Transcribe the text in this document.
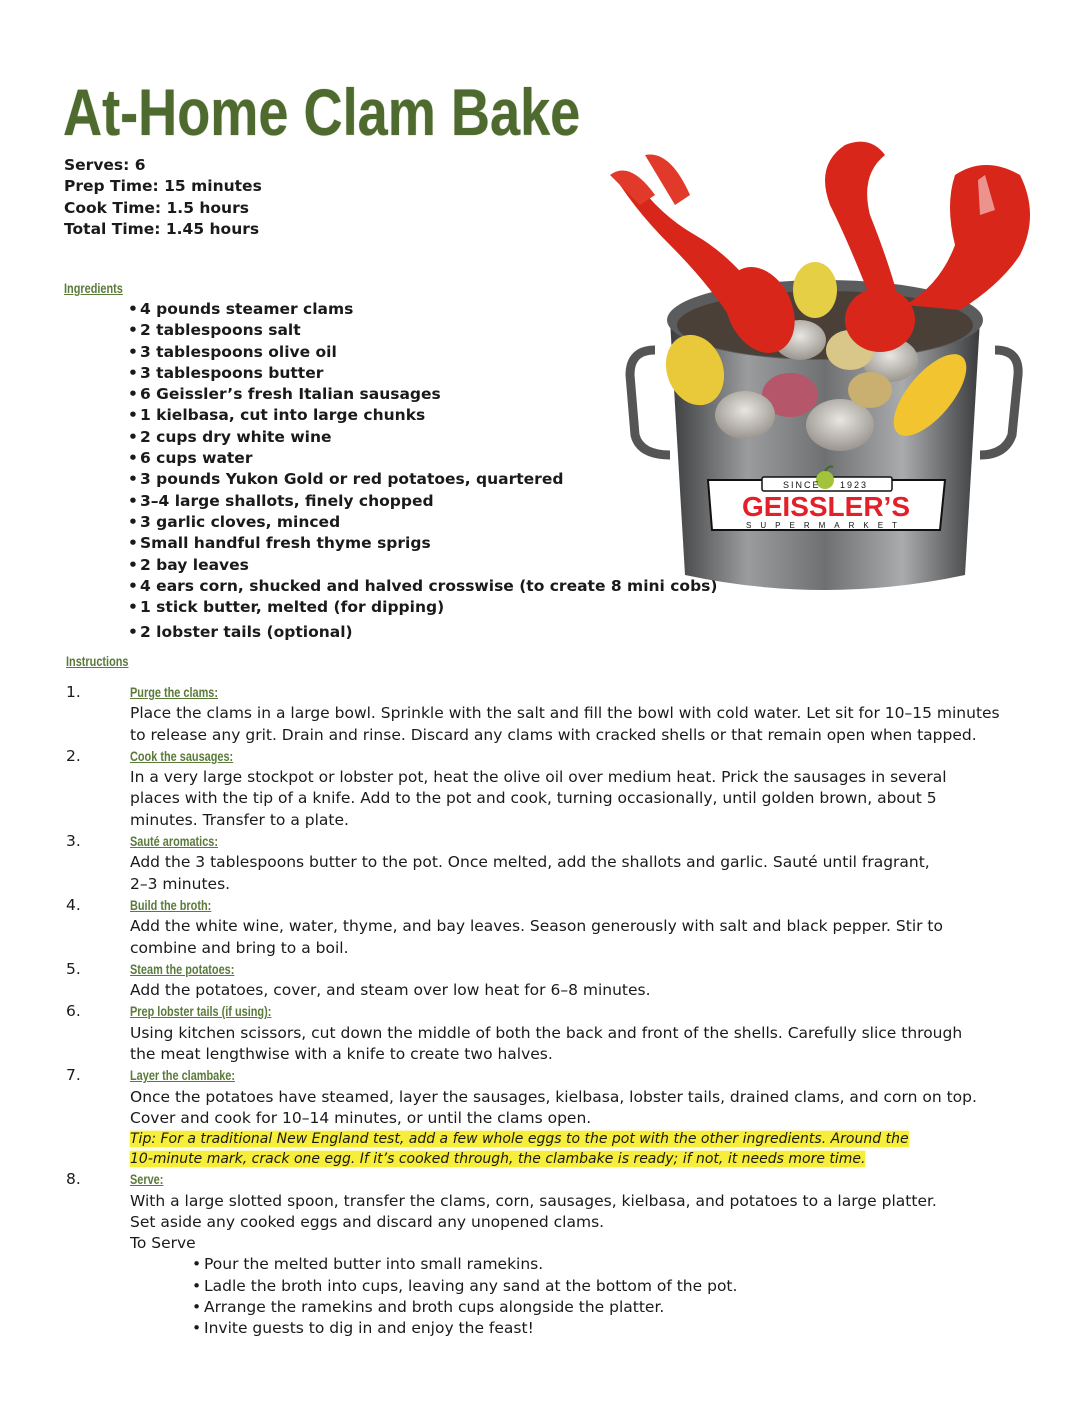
At-Home Clam Bake
Serves: 6
Prep Time: 15 minutes
Cook Time: 1.5 hours
Total Time: 1.45 hours
Ingredients
• 4 pounds steamer clams
• 2 tablespoons salt
• 3 tablespoons olive oil
• 3 tablespoons butter
• 6 Geissler’s fresh Italian sausages
• 1 kielbasa, cut into large chunks
• 2 cups dry white wine
• 6 cups water
• 3 pounds Yukon Gold or red potatoes, quartered
• 3–4 large shallots, finely chopped
• 3 garlic cloves, minced
• Small handful fresh thyme sprigs
• 2 bay leaves
• 4 ears corn, shucked and halved crosswise (to create 8 mini cobs)
• 1 stick butter, melted (for dipping)
• 2 lobster tails (optional)
SINCE 1923
GEISSLER’S
SUPERMARKET
Instructions
1.	Purge the clams:

Place the clams in a large bowl. Sprinkle with the salt and fill the bowl with cold water. Let sit for 10–15 minutes

to release any grit. Drain and rinse. Discard any clams with cracked shells or that remain open when tapped.

2.	Cook the sausages:

In a very large stockpot or lobster pot, heat the olive oil over medium heat. Prick the sausages in several

places with the tip of a knife. Add to the pot and cook, turning occasionally, until golden brown, about 5

minutes. Transfer to a plate.

3.	Sauté aromatics:

Add the 3 tablespoons butter to the pot. Once melted, add the shallots and garlic. Sauté until fragrant,

2–3 minutes.

4.	Build the broth:

Add the white wine, water, thyme, and bay leaves. Season generously with salt and black pepper. Stir to

combine and bring to a boil.

5.	Steam the potatoes:

Add the potatoes, cover, and steam over low heat for 6–8 minutes.

6.	Prep lobster tails (if using):

Using kitchen scissors, cut down the middle of both the back and front of the shells. Carefully slice through

the meat lengthwise with a knife to create two halves.

7.	Layer the clambake:

Once the potatoes have steamed, layer the sausages, kielbasa, lobster tails, drained clams, and corn on top.

Cover and cook for 10–14 minutes, or until the clams open.

Tip: For a traditional New England test, add a few whole eggs to the pot with the other ingredients. Around the
10-minute mark, crack one egg. If it’s cooked through, the clambake is ready; if not, it needs more time.
8.	Serve:

With a large slotted spoon, transfer the clams, corn, sausages, kielbasa, and potatoes to a large platter.

Set aside any cooked eggs and discard any unopened clams.

To Serve

• Pour the melted butter into small ramekins.
• Ladle the broth into cups, leaving any sand at the bottom of the pot.
• Arrange the ramekins and broth cups alongside the platter.
• Invite guests to dig in and enjoy the feast!
